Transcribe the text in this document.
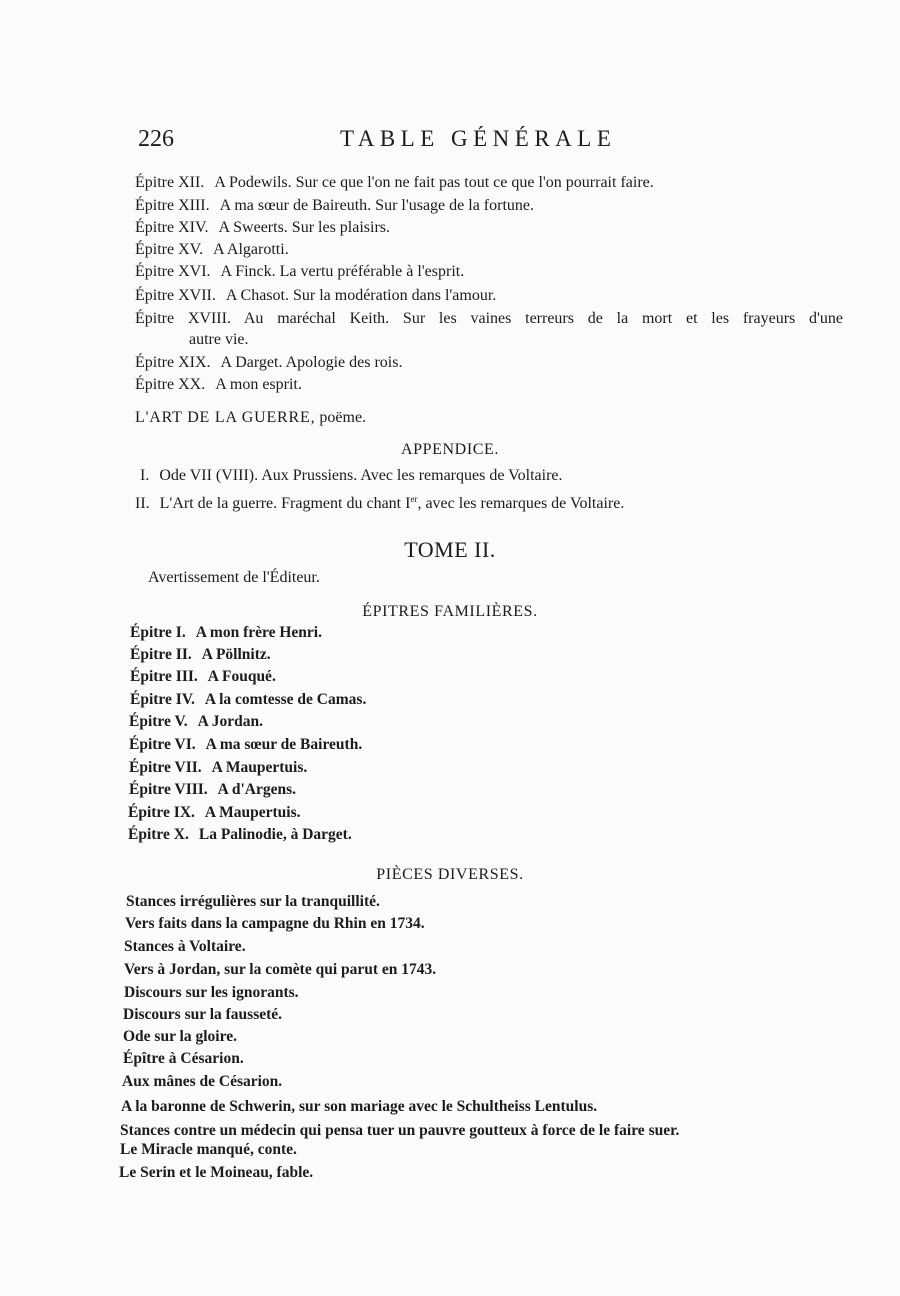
226	TABLE GÉNÉRALE
Épitre XII. A Podewils. Sur ce que l'on ne fait pas tout ce que l'on pourrait faire.
Épitre XIII. A ma sœur de Baireuth. Sur l'usage de la fortune.
Épitre XIV. A Sweerts. Sur les plaisirs.
Épitre XV. A Algarotti.
Épitre XVI. A Finck. La vertu préférable à l'esprit.
Épitre XVII. A Chasot. Sur la modération dans l'amour.
Épitre XVIII. Au maréchal Keith. Sur les vaines terreurs de la mort et les frayeurs d'une
autre vie.
Épitre XIX. A Darget. Apologie des rois.
Épitre XX. A mon esprit.
L'ART DE LA GUERRE, poëme.
APPENDICE.
I. Ode VII (VIII). Aux Prussiens. Avec les remarques de Voltaire.
II. L'Art de la guerre. Fragment du chant Ier, avec les remarques de Voltaire.
TOME II.
Avertissement de l'Éditeur.
ÉPITRES FAMILIÈRES.
Épitre I. A mon frère Henri.
Épitre II. A Pöllnitz.
Épitre III. A Fouqué.
Épitre IV. A la comtesse de Camas.
Épitre V. A Jordan.
Épitre VI. A ma sœur de Baireuth.
Épitre VII. A Maupertuis.
Épitre VIII. A d'Argens.
Épitre IX. A Maupertuis.
Épitre X. La Palinodie, à Darget.
PIÈCES DIVERSES.
Stances irrégulières sur la tranquillité.
Vers faits dans la campagne du Rhin en 1734.
Stances à Voltaire.
Vers à Jordan, sur la comète qui parut en 1743.
Discours sur les ignorants.
Discours sur la fausseté.
Ode sur la gloire.
Épître à Césarion.
Aux mânes de Césarion.
A la baronne de Schwerin, sur son mariage avec le Schultheiss Lentulus.
Stances contre un médecin qui pensa tuer un pauvre goutteux à force de le faire suer.
Le Miracle manqué, conte.
Le Serin et le Moineau, fable.
